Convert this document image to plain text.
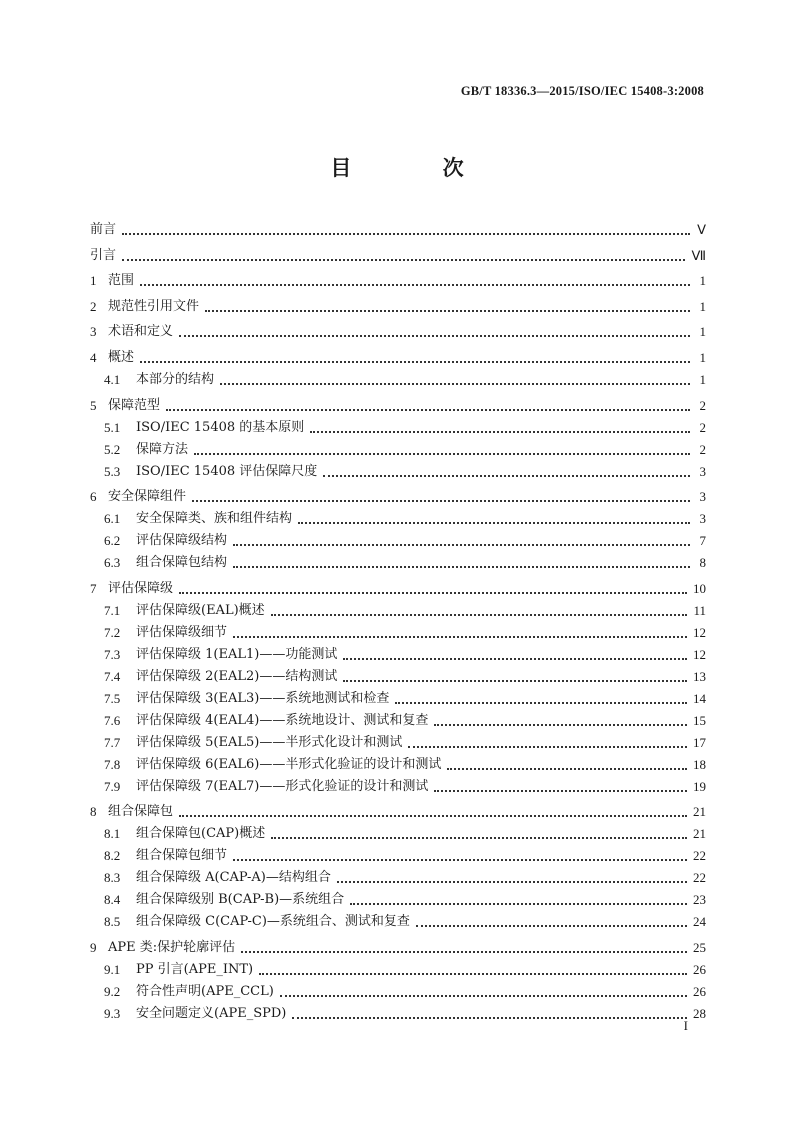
GB/T 18336.3—2015/ISO/IEC 15408-3:2008
目 次
前言	Ⅴ
引言	Ⅶ
1 范围	1
2 规范性引用文件	1
3 术语和定义	1
4 概述	1
4.1	本部分的结构	1
5 保障范型	2
5.1	ISO/IEC 15408 的基本原则	2
5.2	保障方法	2
5.3	ISO/IEC 15408 评估保障尺度	3
6 安全保障组件	3
6.1	安全保障类、族和组件结构	3
6.2	评估保障级结构	7
6.3	组合保障包结构	8
7 评估保障级	10
7.1	评估保障级(EAL)概述	11
7.2	评估保障级细节	12
7.3	评估保障级 1(EAL1)——功能测试	12
7.4	评估保障级 2(EAL2)——结构测试	13
7.5	评估保障级 3(EAL3)——系统地测试和检查	14
7.6	评估保障级 4(EAL4)——系统地设计、测试和复查	15
7.7	评估保障级 5(EAL5)——半形式化设计和测试	17
7.8	评估保障级 6(EAL6)——半形式化验证的设计和测试	18
7.9	评估保障级 7(EAL7)——形式化验证的设计和测试	19
8 组合保障包	21
8.1	组合保障包(CAP)概述	21
8.2	组合保障包细节	22
8.3	组合保障级 A(CAP-A)—结构组合	22
8.4	组合保障级别 B(CAP-B)—系统组合	23
8.5	组合保障级 C(CAP-C)—系统组合、测试和复查	24
9 APE 类:保护轮廓评估	25
9.1	PP 引言(APE_INT)	26
9.2	符合性声明(APE_CCL)	26
9.3	安全问题定义(APE_SPD)	28
I
